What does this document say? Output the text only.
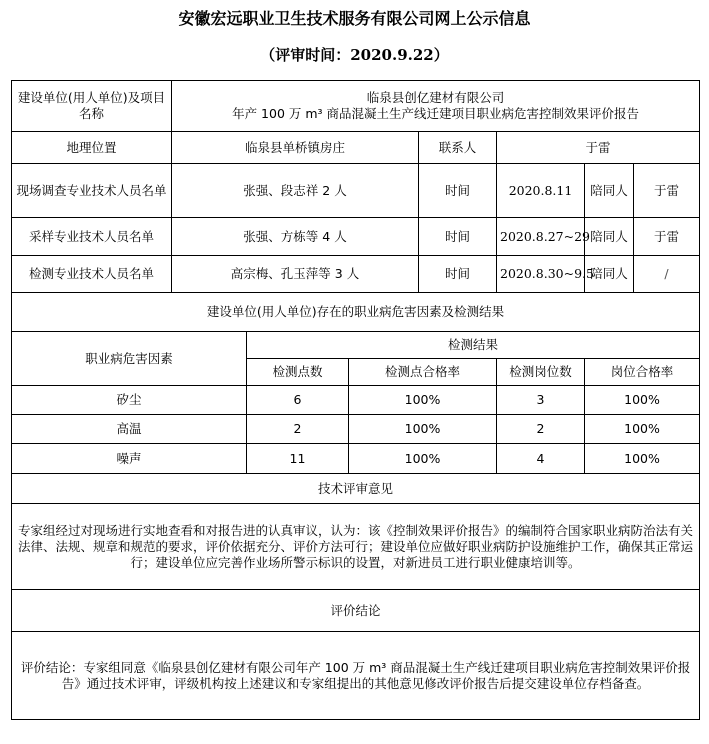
安徽宏远职业卫生技术服务有限公司网上公示信息
（评审时间：2020.9.22）
建设单位(用人单位)及项目名称	临泉县创亿建材有限公司
年产 100 万 m³ 商品混凝土生产线迁建项目职业病危害控制效果评价报告					

地理位置	临泉县单桥镇房庄			联系人	于雷	
现场调查专业技术人员名单	张强、段志祥 2 人			时间	2020.8.11	陪同人 于雷

采样专业技术人员名单	张强、方栋等 4 人			时间	2020.8.27~29	陪同人 于雷

检测专业技术人员名单	高宗梅、孔玉萍等 3 人			时间	2020.8.30~9.5	陪同人 /

建设单位(用人单位)存在的职业病危害因素及检测结果						
职业病危害因素		检测结果				
		检测点数	检测点合格率		检测岗位数	岗位合格率
矽尘		6	100%		3	100%
高温		2	100%		2	100%
噪声		11	100%		4	100%
技术评审意见						
专家组经过对现场进行实地查看和对报告进的认真审议，认为：该《控制效果评价报告》的编制符合国家职业病防治法有关法律、法规、规章和规范的要求，评价依据充分、评价方法可行；建设单位应做好职业病防护设施维护工作，确保其正常运行；建设单位应完善作业场所警示标识的设置，对新进员工进行职业健康培训等。						
评价结论						
评价结论：专家组同意《临泉县创亿建材有限公司年产 100 万 m³ 商品混凝土生产线迁建项目职业病危害控制效果评价报告》通过技术评审，评级机构按上述建议和专家组提出的其他意见修改评价报告后提交建设单位存档备查。						
